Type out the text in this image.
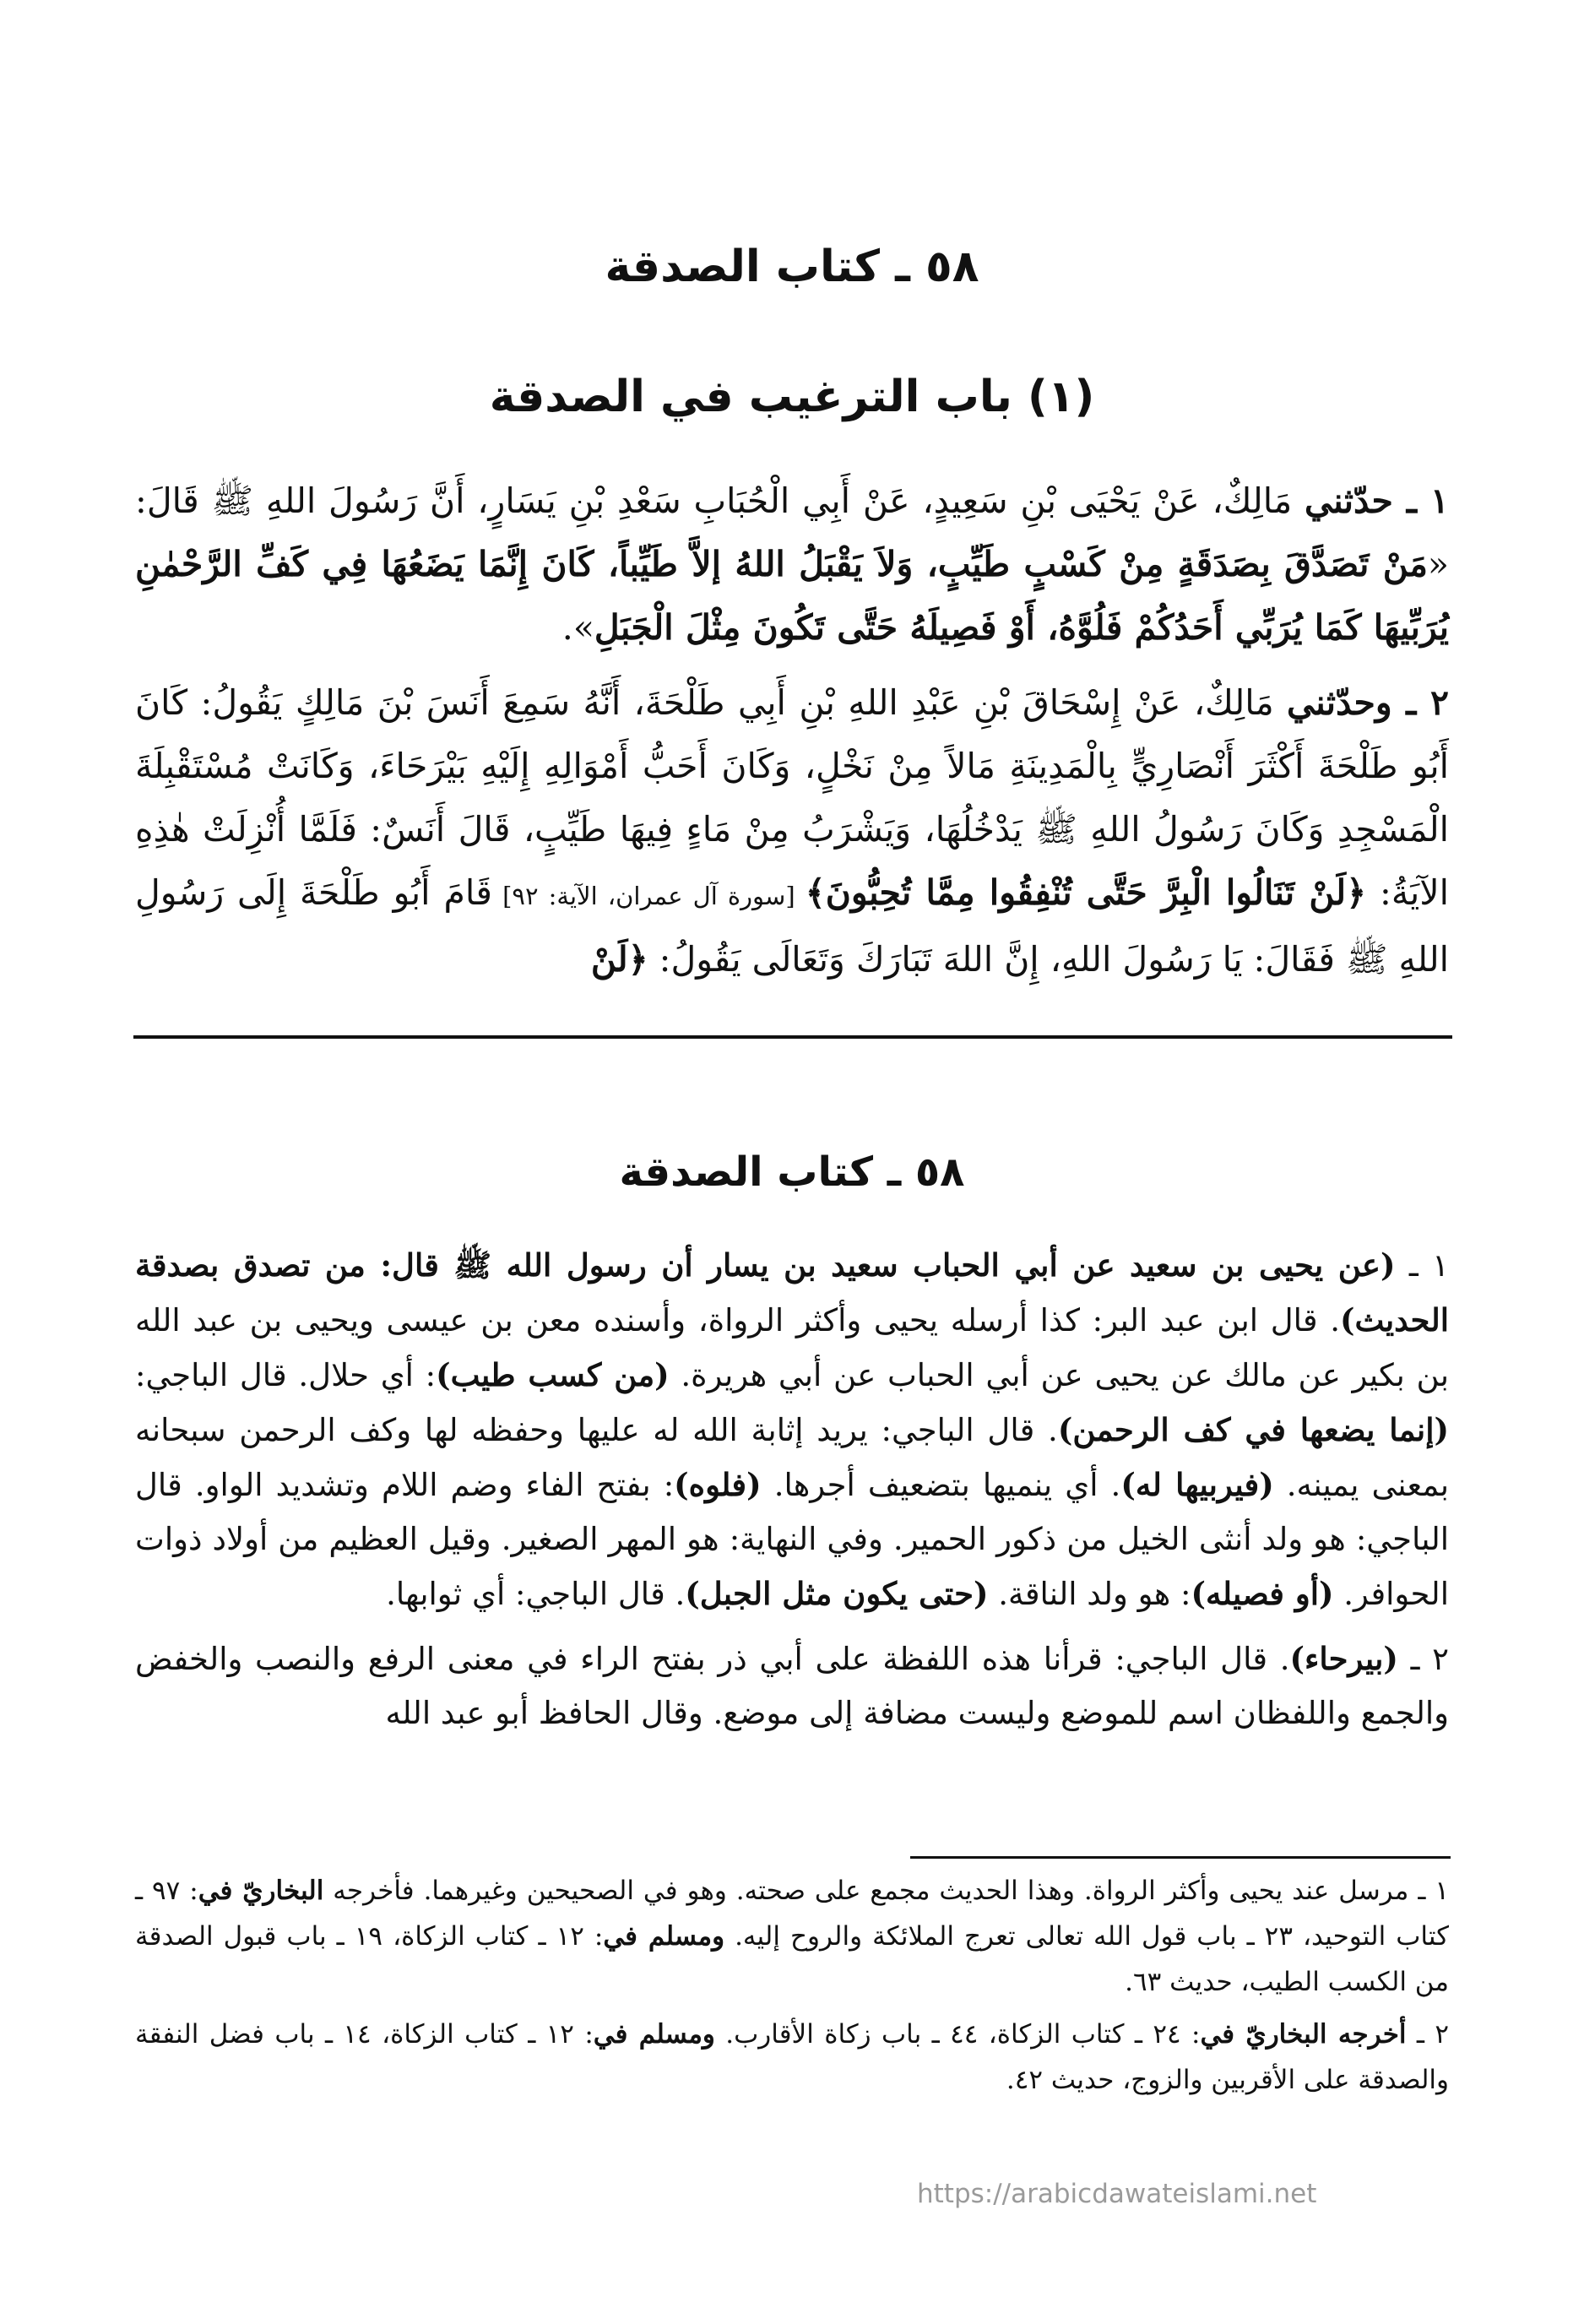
٥٨ ـ كتاب الصدقة
(١) باب الترغيب في الصدقة

١ ـ حدّثني مَالِكٌ، عَنْ يَحْيَى بْنِ سَعِيدٍ، عَنْ أَبِي الْحُبَابِ سَعْدِ بْنِ يَسَارٍ، أَنَّ رَسُولَ اللهِ ﷺ قَالَ: «مَنْ تَصَدَّقَ بِصَدَقَةٍ مِنْ كَسْبٍ طَيِّبٍ، وَلاَ يَقْبَلُ اللهُ إلاَّ طَيِّباً، كَانَ إِنَّمَا يَضَعُهَا فِي كَفِّ الرَّحْمٰنِ يُرَبِّيهَا كَمَا يُرَبِّي أَحَدُكُمْ فَلُوَّهُ، أَوْ فَصِيلَهُ حَتَّى تَكُونَ مِثْلَ الْجَبَلِ».

٢ ـ وحدّثني مَالِكٌ، عَنْ إِسْحَاقَ بْنِ عَبْدِ اللهِ بْنِ أَبِي طَلْحَةَ، أَنَّهُ سَمِعَ أَنَسَ بْنَ مَالِكٍ يَقُولُ: كَانَ أَبُو طَلْحَةَ أَكْثَرَ أَنْصَارِيٍّ بِالْمَدِينَةِ مَالاً مِنْ نَخْلٍ، وَكَانَ أَحَبُّ أَمْوَالِهِ إِلَيْهِ بَيْرَحَاءَ، وَكَانَتْ مُسْتَقْبِلَةَ الْمَسْجِدِ وَكَانَ رَسُولُ اللهِ ﷺ يَدْخُلُهَا، وَيَشْرَبُ مِنْ مَاءٍ فِيهَا طَيِّبٍ، قَالَ أَنَسٌ: فَلَمَّا أُنْزِلَتْ هٰذِهِ الآيَةُ: ﴿لَنْ تَنَالُوا الْبِرَّ حَتَّى تُنْفِقُوا مِمَّا تُحِبُّونَ﴾ [سورة آل عمران، الآية: ٩٢] قَامَ أَبُو طَلْحَةَ إِلَى رَسُولِ اللهِ ﷺ فَقَالَ: يَا رَسُولَ اللهِ، إِنَّ اللهَ تَبَارَكَ وَتَعَالَى يَقُولُ: ﴿لَنْ

٥٨ ـ كتاب الصدقة

١ ـ (عن يحيى بن سعيد عن أبي الحباب سعيد بن يسار أن رسول الله ﷺ قال: من تصدق بصدقة الحديث). قال ابن عبد البر: كذا أرسله يحيى وأكثر الرواة، وأسنده معن بن عيسى ويحيى بن عبد الله بن بكير عن مالك عن يحيى عن أبي الحباب عن أبي هريرة. (من كسب طيب): أي حلال. قال الباجي: (إنما يضعها في كف الرحمن). قال الباجي: يريد إثابة الله له عليها وحفظه لها وكف الرحمن سبحانه بمعنى يمينه. (فيربيها له). أي ينميها بتضعيف أجرها. (فلوه): بفتح الفاء وضم اللام وتشديد الواو. قال الباجي: هو ولد أنثى الخيل من ذكور الحمير. وفي النهاية: هو المهر الصغير. وقيل العظيم من أولاد ذوات الحوافر. (أو فصيله): هو ولد الناقة. (حتى يكون مثل الجبل). قال الباجي: أي ثوابها.

٢ ـ (بيرحاء). قال الباجي: قرأنا هذه اللفظة على أبي ذر بفتح الراء في معنى الرفع والنصب والخفض والجمع واللفظان اسم للموضع وليست مضافة إلى موضع. وقال الحافظ أبو عبد الله

١ ـ مرسل عند يحيى وأكثر الرواة. وهذا الحديث مجمع على صحته. وهو في الصحيحين وغيرهما. فأخرجه البخاريّ في: ٩٧ ـ كتاب التوحيد، ٢٣ ـ باب قول الله تعالى تعرج الملائكة والروح إليه. ومسلم في: ١٢ ـ كتاب الزكاة، ١٩ ـ باب قبول الصدقة من الكسب الطيب، حديث ٦٣.

٢ ـ أخرجه البخاريّ في: ٢٤ ـ كتاب الزكاة، ٤٤ ـ باب زكاة الأقارب. ومسلم في: ١٢ ـ كتاب الزكاة، ١٤ ـ باب فضل النفقة والصدقة على الأقربين والزوج، حديث ٤٢.

https://arabicdawateislami.net
